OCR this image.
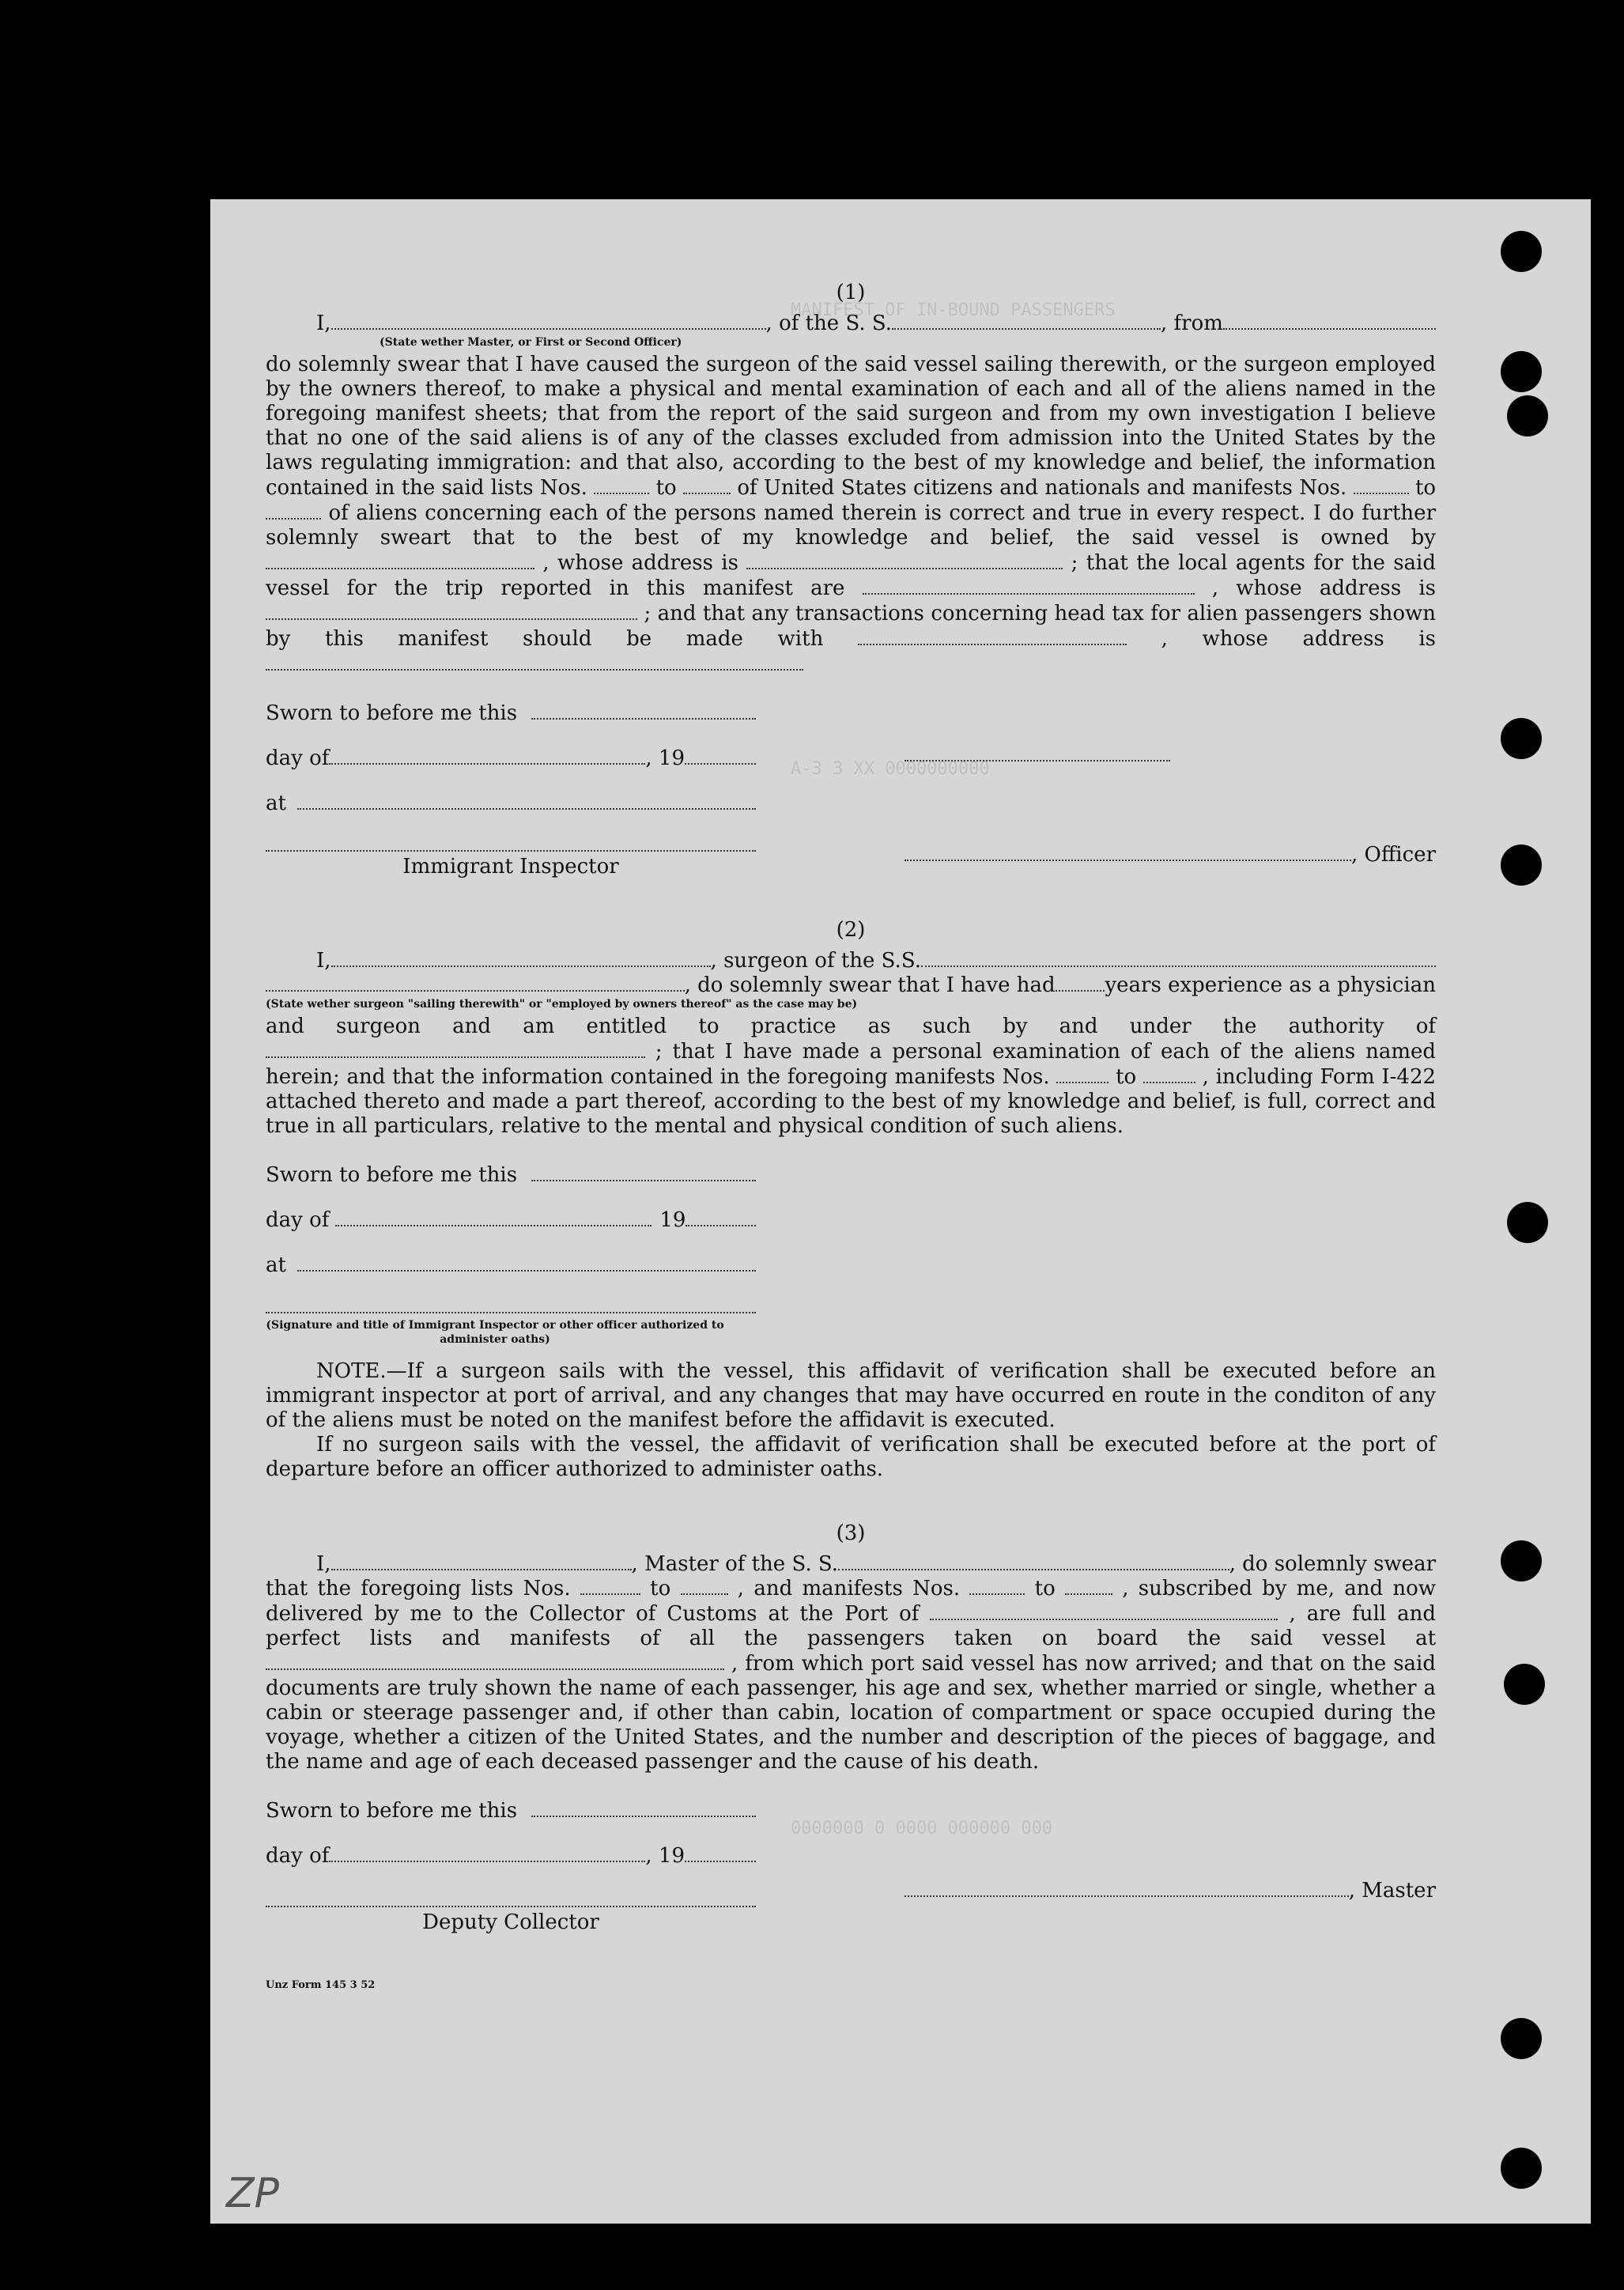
MANIFEST OF IN-BOUND PASSENGERS
A-3 3 XX 0000000000
0000000 0 0000 000000 000

(1)

I,	, of the S. S.	, from
(State wether Master, or First or Second Officer)

do solemnly swear that I have caused the surgeon of the said vessel sailing therewith, or the surgeon employed by the owners thereof, to make a physical and mental examination of each and all of the aliens named in the foregoing manifest sheets; that from the report of the said surgeon and from my own investigation I believe that no one of the said aliens is of any of the classes excluded from admission into the United States by the laws regulating immigration: and that also, according to the best of my knowledge and belief, the information contained in the said lists Nos.	to	of United States citizens and nationals and manifests Nos.	to  of aliens concerning each of the persons named therein is correct and true in every respect. I do further solemnly sweart that to the best of my knowledge and belief, the said vessel is owned by  , whose address is	; that the local agents for the said vessel for the trip reported in this manifest are	, whose address is  ; and that any transactions concerning head tax for alien passengers shown by this manifest should be made with	, whose address is

Sworn to before me this
day of	, 19
at

Immigrant Inspector	, Officer

(2)

I,	, surgeon of the S.S.
, do solemnly swear that I have had years experience as a physician
(State wether surgeon "sailing therewith" or "employed by owners thereof" as the case may be)

and surgeon and am entitled to practice as such by and under the authority of  ; that I have made a personal examination of each of the aliens named herein; and that the information contained in the foregoing manifests Nos.	to	, including Form I-422 attached thereto and made a part thereof, according to the best of my knowledge and belief, is full, correct and true in all particulars, relative to the mental and physical condition of such aliens.

Sworn to before me this
day of	19
at
(Signature and title of Immigrant Inspector or other officer authorized to administer oaths)

NOTE.—If a surgeon sails with the vessel, this affidavit of verification shall be executed before an immigrant inspector at port of arrival, and any changes that may have occurred en route in the conditon of any of the aliens must be noted on the manifest before the affidavit is executed.

If no surgeon sails with the vessel, the affidavit of verification shall be executed before at the port of departure before an officer authorized to administer oaths.

(3)

I,	, Master of the S. S.	, do solemnly swear

that the foregoing lists Nos.	to	, and manifests Nos.	to	, subscribed by me, and now delivered by me to the Collector of Customs at the Port of	, are full and perfect lists and manifests of all the passengers taken on board the said vessel at  , from which port said vessel has now arrived; and that on the said documents are truly shown the name of each passenger, his age and sex, whether married or single, whether a cabin or steerage passenger and, if other than cabin, location of compartment or space occupied during the voyage, whether a citizen of the United States, and the number and description of the pieces of baggage, and the name and age of each deceased passenger and the cause of his death.

Sworn to before me this
day of	, 19

Deputy Collector

, Master
Unz Form 145 3 52
ZP
